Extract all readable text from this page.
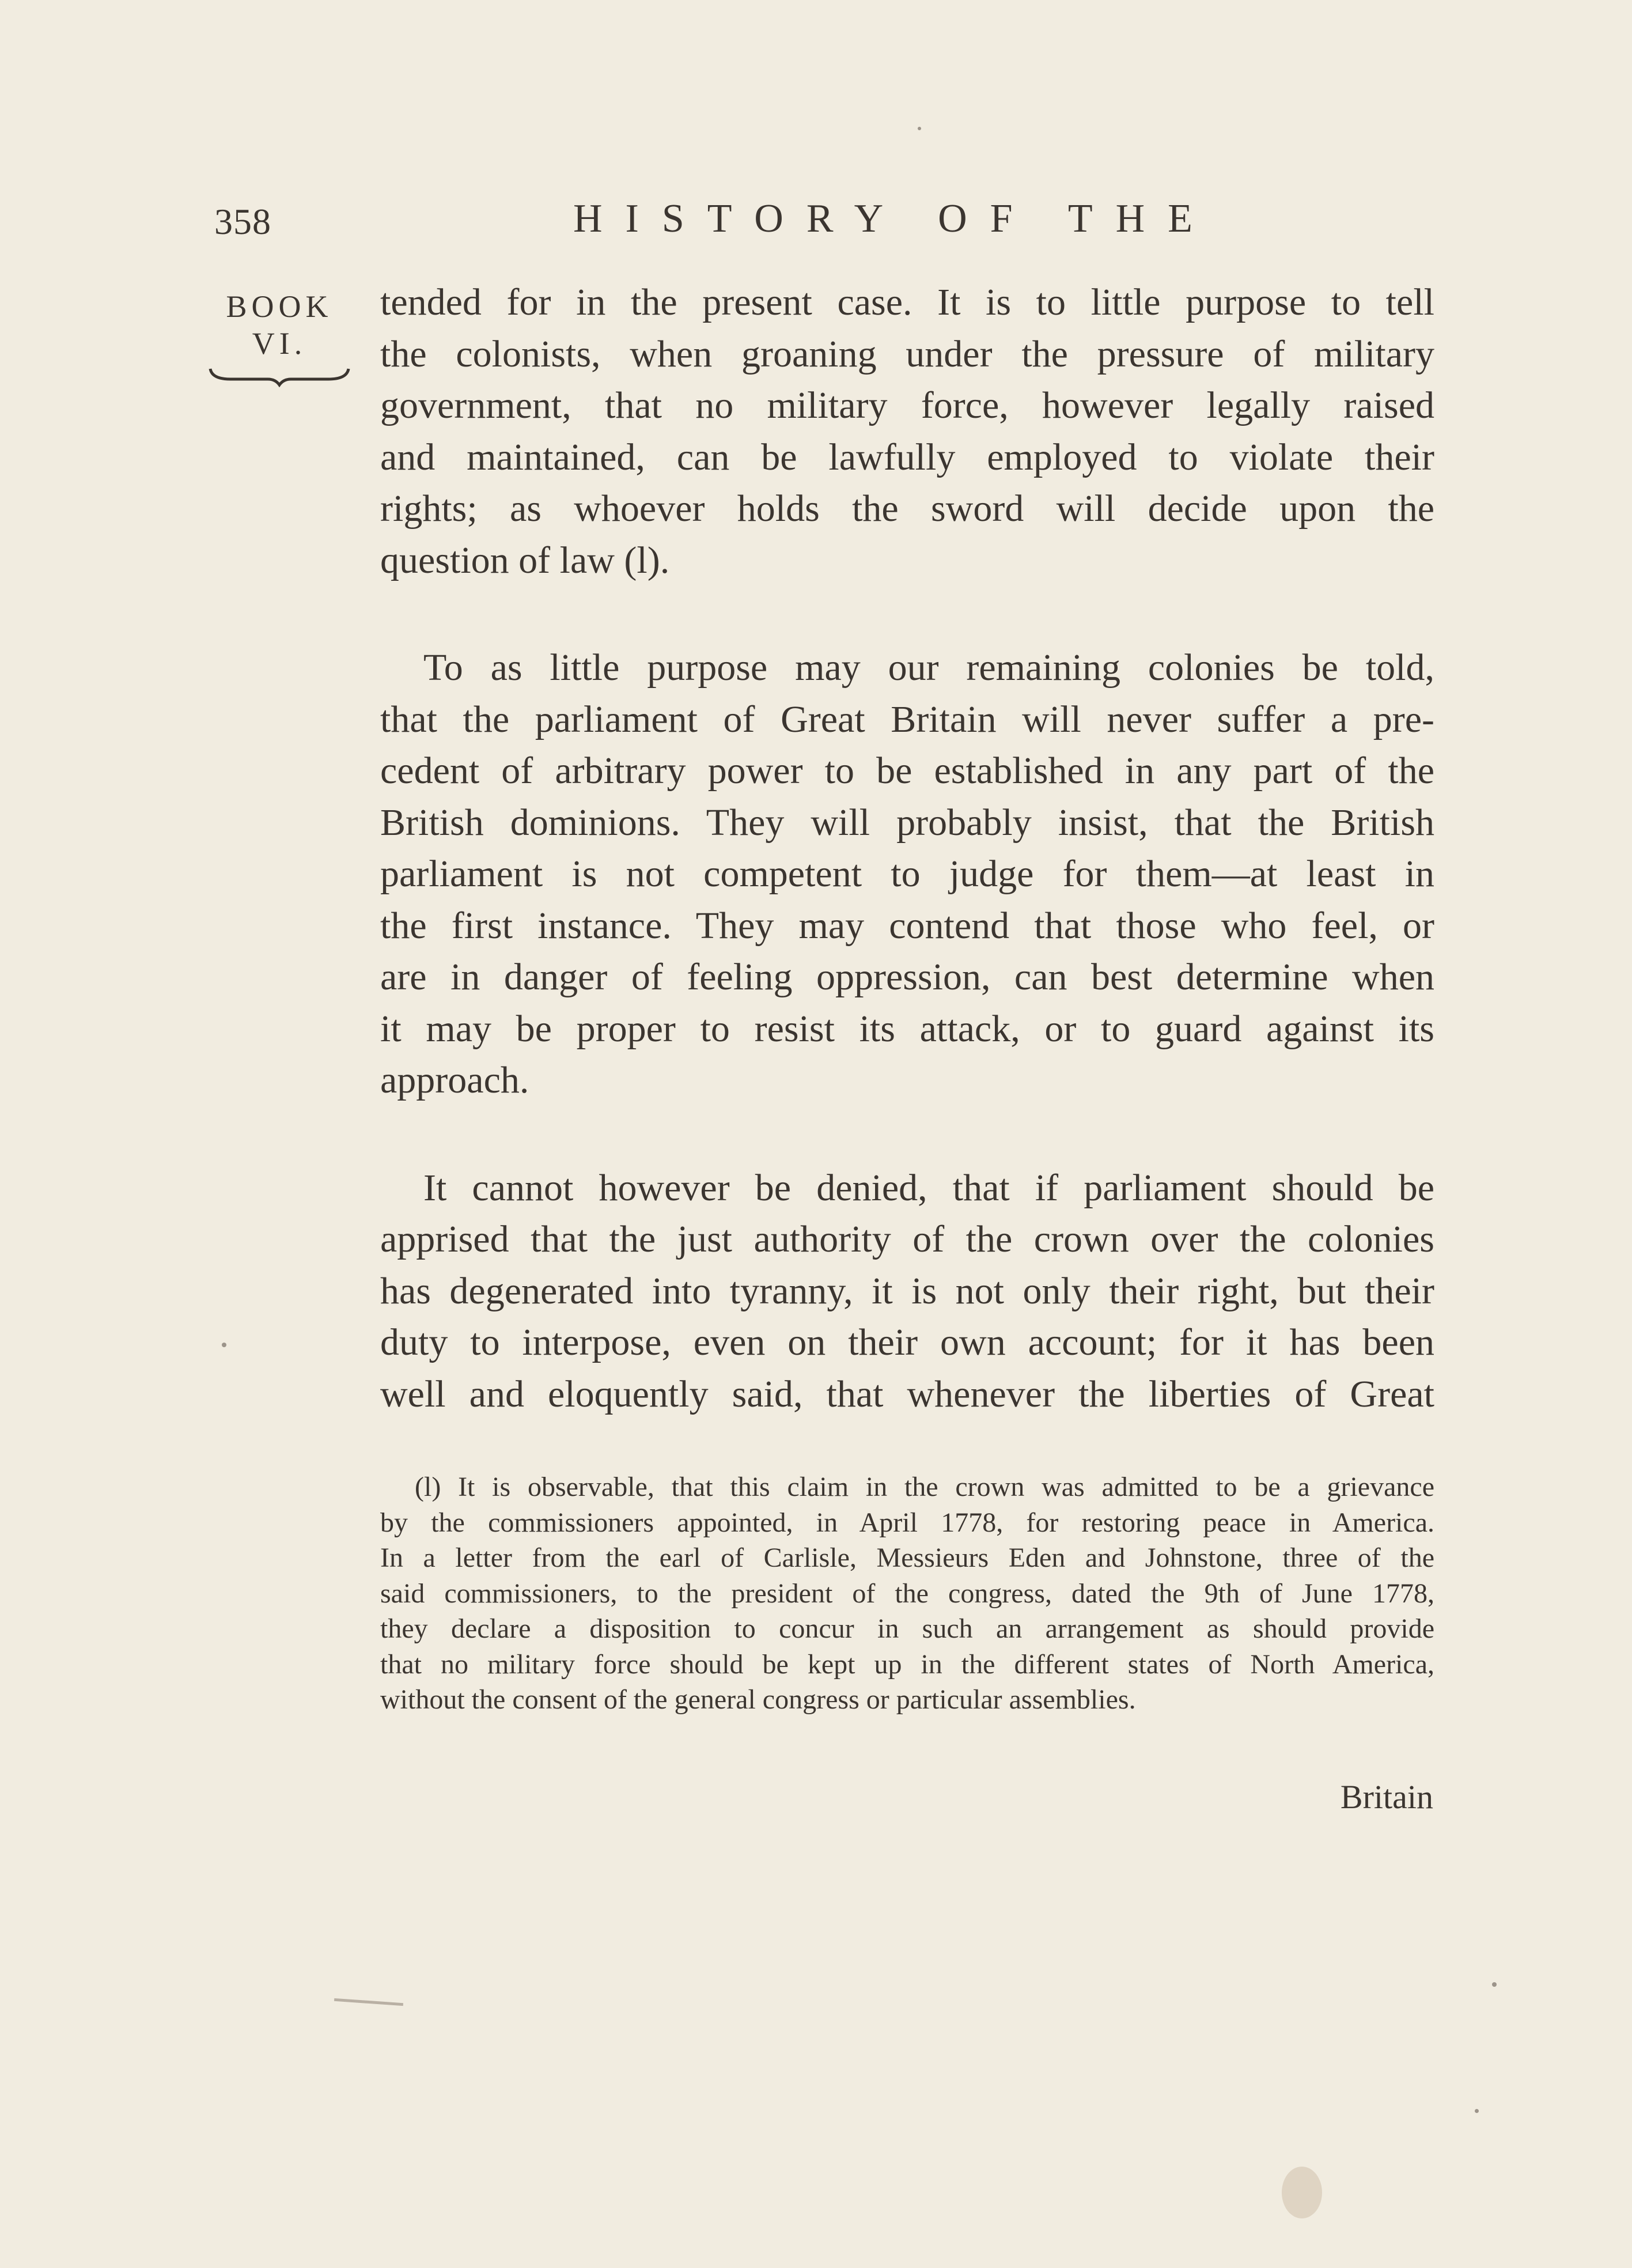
358	HISTORY OF THE
BOOK
VI.
tended for in the present case. It is to little purpose to tell
the colonists, when groaning under the pressure of military
government, that no military force, however legally raised
and maintained, can be lawfully employed to violate their
rights; as whoever holds the sword will decide upon the
question of law (l).
To as little purpose may our remaining colonies be told,
that the parliament of Great Britain will never suffer a pre-
cedent of arbitrary power to be established in any part of the
British dominions. They will probably insist, that the British
parliament is not competent to judge for them—at least in
the first instance. They may contend that those who feel, or
are in danger of feeling oppression, can best determine when
it may be proper to resist its attack, or to guard against its
approach.
It cannot however be denied, that if parliament should be
apprised that the just authority of the crown over the colonies
has degenerated into tyranny, it is not only their right, but their
duty to interpose, even on their own account; for it has been
well and eloquently said, that whenever the liberties of Great
(l) It is observable, that this claim in the crown was admitted to be a grievance
by the commissioners appointed, in April 1778, for restoring peace in America.
In a letter from the earl of Carlisle, Messieurs Eden and Johnstone, three of the
said commissioners, to the president of the congress, dated the 9th of June 1778,
they declare a disposition to concur in such an arrangement as should provide
that no military force should be kept up in the different states of North America,
without the consent of the general congress or particular assemblies.
Britain
